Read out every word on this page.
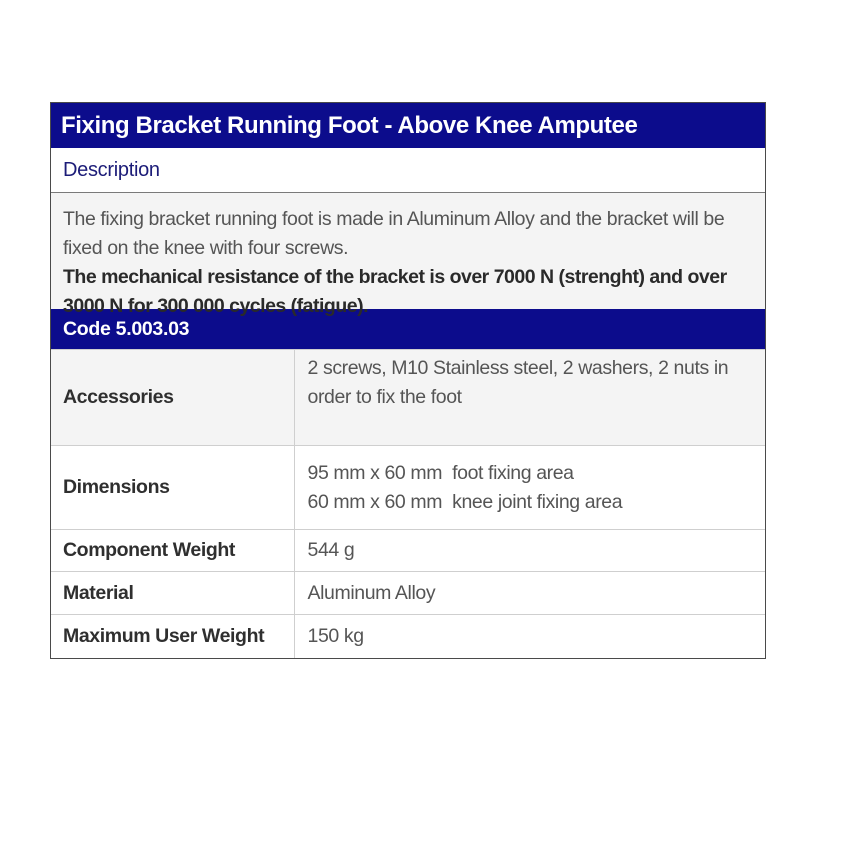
Fixing Bracket Running Foot - Above Knee Amputee
Description
The fixing bracket running foot is made in Aluminum Alloy and the bracket will be fixed on the knee with four screws.
The mechanical resistance of the bracket is over 7000 N (strenght) and over 3000 N for 300 000 cycles (fatigue).
Code 5.003.03
Accessories	2 screws, M10 Stainless steel, 2 washers, 2 nuts in order to fix the foot
Dimensions	95 mm x 60 mm  foot fixing area
60 mm x 60 mm  knee joint fixing area

Component Weight	544 g
Material	Aluminum Alloy
Maximum User Weight	150 kg
